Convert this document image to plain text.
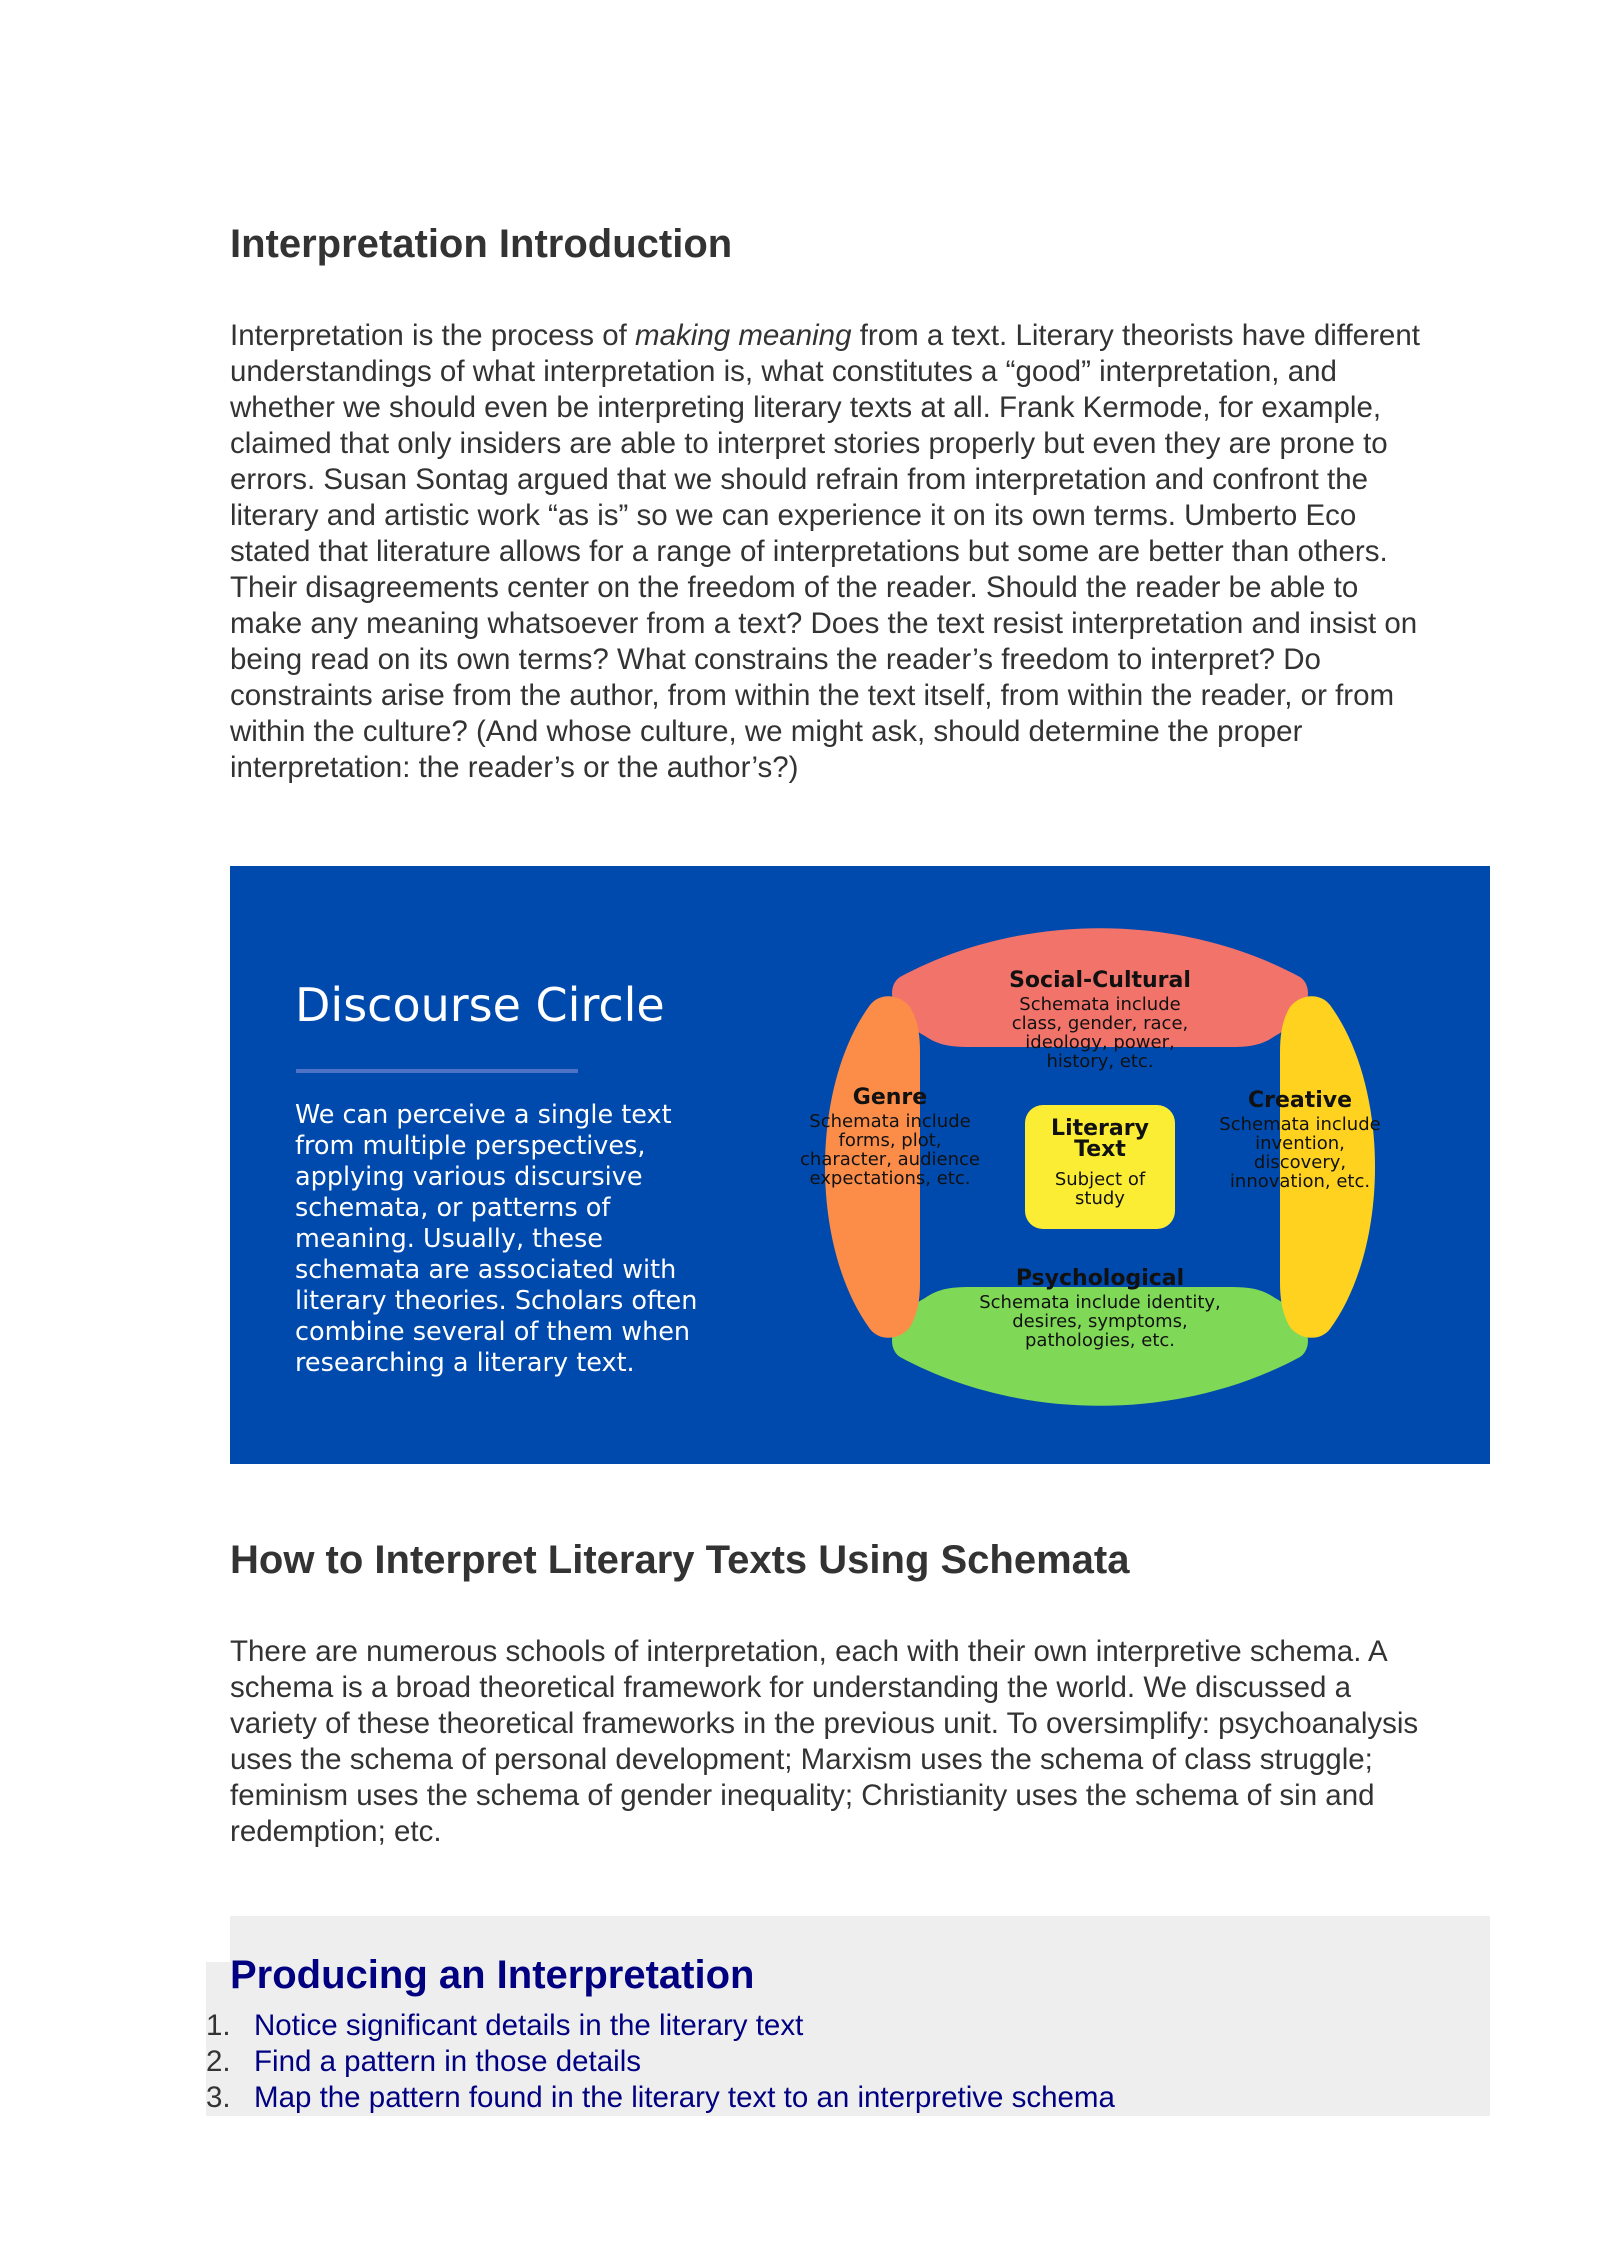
Interpretation Introduction
Interpretation is the process of making meaning from a text. Literary theorists have different
understandings of what interpretation is, what constitutes a “good” interpretation, and
whether we should even be interpreting literary texts at all. Frank Kermode, for example,
claimed that only insiders are able to interpret stories properly but even they are prone to
errors. Susan Sontag argued that we should refrain from interpretation and confront the
literary and artistic work “as is” so we can experience it on its own terms. Umberto Eco
stated that literature allows for a range of interpretations but some are better than others.
Their disagreements center on the freedom of the reader. Should the reader be able to
make any meaning whatsoever from a text? Does the text resist interpretation and insist on
being read on its own terms? What constrains the reader’s freedom to interpret? Do
constraints arise from the author, from within the text itself, from within the reader, or from
within the culture? (And whose culture, we might ask, should determine the proper
interpretation: the reader’s or the author’s?)
Discourse Circle
We can perceive a single text
from multiple perspectives,
applying various discursive
schemata, or patterns of
meaning. Usually, these
schemata are associated with
literary theories. Scholars often
combine several of them when
researching a literary text.
Social-Cultural
Schemata include
class, gender, race,
ideology, power,
history, etc.
Genre
Schemata include
forms, plot,
character, audience
expectations, etc.
Literary
Text
Subject of
study
Creative
Schemata include
invention,
discovery,
innovation, etc.
Psychological
Schemata include identity,
desires, symptoms,
pathologies, etc.
How to Interpret Literary Texts Using Schemata
There are numerous schools of interpretation, each with their own interpretive schema. A
schema is a broad theoretical framework for understanding the world. We discussed a
variety of these theoretical frameworks in the previous unit. To oversimplify: psychoanalysis
uses the schema of personal development; Marxism uses the schema of class struggle;
feminism uses the schema of gender inequality; Christianity uses the schema of sin and
redemption; etc.
Producing an Interpretation
1. Notice significant details in the literary text
2. Find a pattern in those details
3. Map the pattern found in the literary text to an interpretive schema
